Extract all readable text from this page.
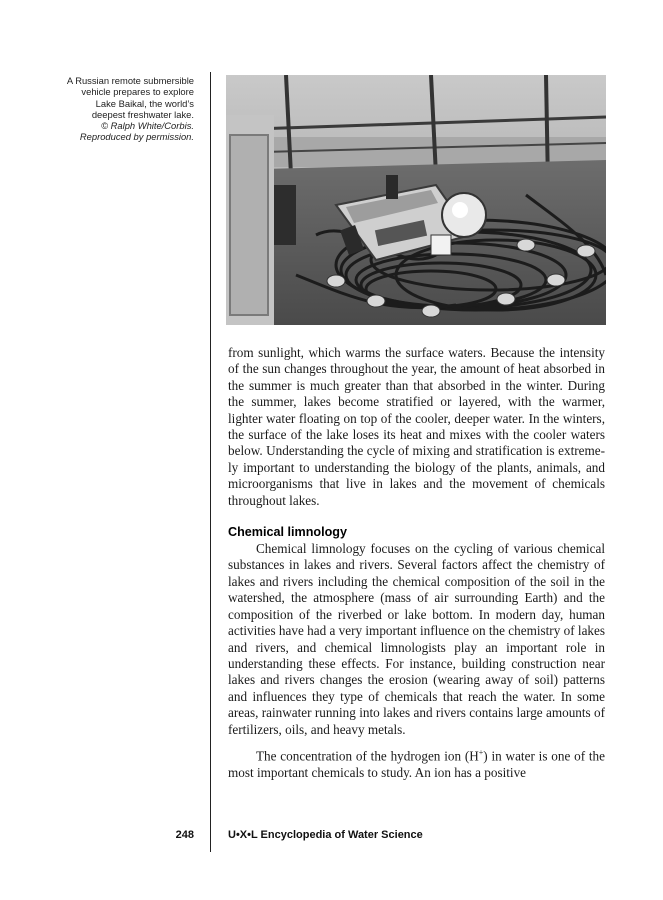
A Russian remote submersible
vehicle prepares to explore
Lake Baikal, the world’s
deepest freshwater lake.
© Ralph White/Corbis.
Reproduced by permission.

from sunlight, which warms the surface waters. Because the intensity of the sun changes throughout the year, the amount of heat absorbed in the summer is much greater than that absorbed in the winter. During the summer, lakes become stratified or layered, with the warmer, lighter water floating on top of the cooler, deeper water. In the winters, the surface of the lake loses its heat and mixes with the cooler waters below. Understanding the cycle of mixing and stratification is extremely important to understanding the biology of the plants, animals, and microorganisms that live in lakes and the movement of chemicals throughout lakes.

Chemical limnology

Chemical limnology focuses on the cycling of various chemical substances in lakes and rivers. Several factors affect the chemistry of lakes and rivers including the chemical composition of the soil in the watershed, the atmosphere (mass of air surrounding Earth) and the composition of the riverbed or lake bottom. In modern day, human activities have had a very important influence on the chemistry of lakes and rivers, and chemical limnologists play an important role in understanding these effects. For instance, building construction near lakes and rivers changes the erosion (wearing away of soil) patterns and influences they type of chemicals that reach the water. In some areas, rainwater running into lakes and rivers contains large amounts of fertilizers, oils, and heavy metals.

The concentration of the hydrogen ion (H+) in water is one of the most important chemicals to study. An ion has a positive

248	U•X•L Encyclopedia of Water Science
